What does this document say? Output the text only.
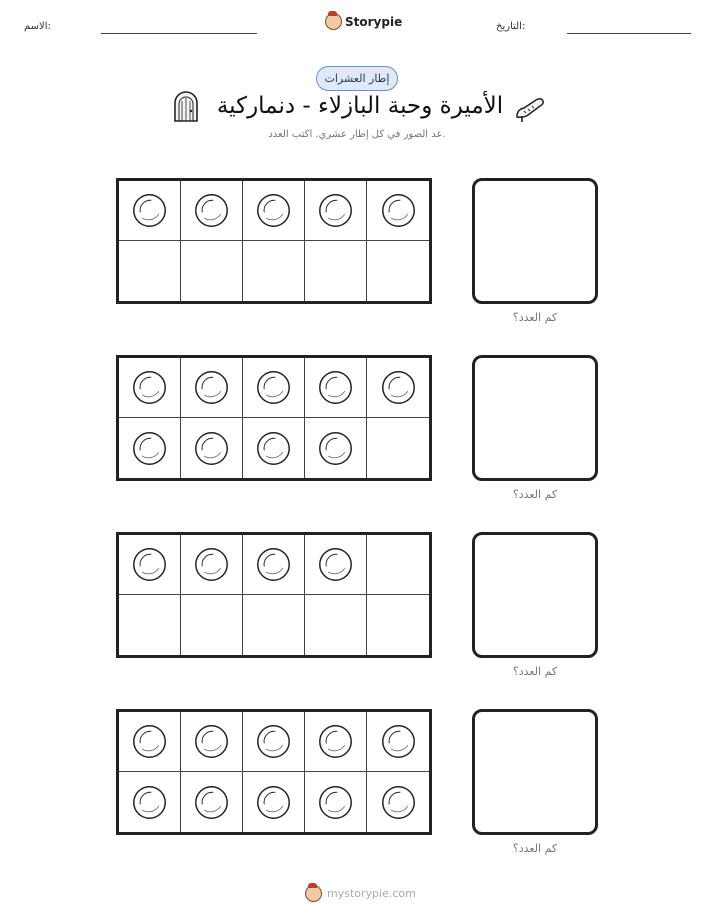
الاسم:	Storypie	التاريخ:
إطار العشرات
الأميرة وحبة البازلاء - دنماركية
عد الصور في كل إطار عشري. اكتب العدد.
كم العدد؟
كم العدد؟
كم العدد؟
كم العدد؟
mystorypie.com
